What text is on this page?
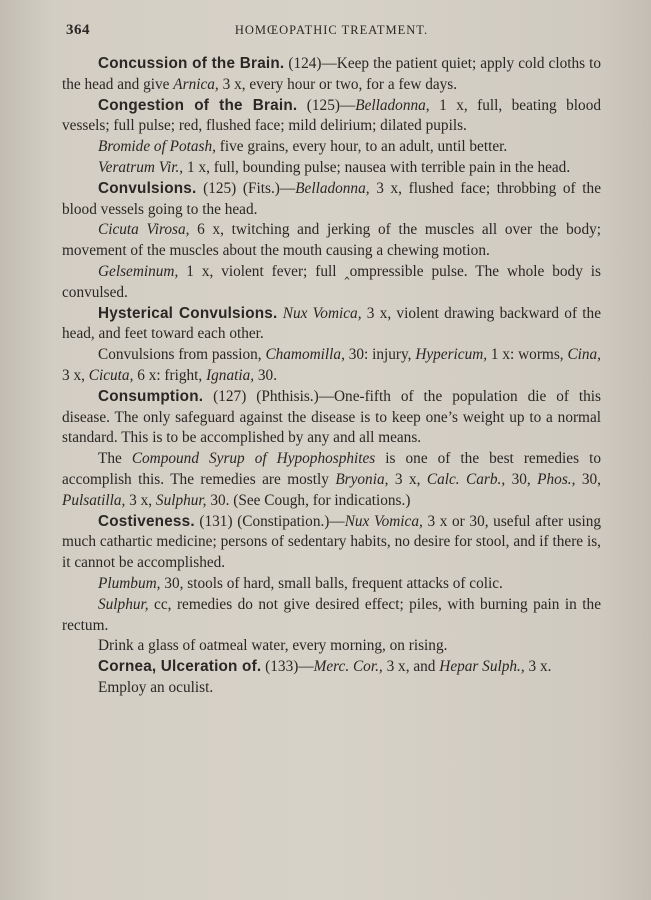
364	HOMŒOPATHIC TREATMENT.

Concussion of the Brain. (124)—Keep the patient quiet; apply cold cloths to the head and give Arnica, 3 x, every hour or two, for a few days.

Congestion of the Brain. (125)—Belladonna, 1 x, full, beating blood vessels; full pulse; red, flushed face; mild delirium; dilated pupils.

Bromide of Potash, five grains, every hour, to an adult, until better.

Veratrum Vir., 1 x, full, bounding pulse; nausea with terrible pain in the head.

Convulsions. (125) (Fits.)—Belladonna, 3 x, flushed face; throbbing of the blood vessels going to the head.

Cicuta Virosa, 6 x, twitching and jerking of the muscles all over the body; movement of the muscles about the mouth causing a chewing motion.

Gelseminum, 1 x, violent fever; full ‸ompressible pulse. The whole body is convulsed.

Hysterical Convulsions. Nux Vomica, 3 x, violent drawing backward of the head, and feet toward each other.

Convulsions from passion, Chamomilla, 30: injury, Hypericum, 1 x: worms, Cina, 3 x, Cicuta, 6 x: fright, Ignatia, 30.

Consumption. (127) (Phthisis.)—One-fifth of the population die of this disease. The only safeguard against the disease is to keep one’s weight up to a normal standard. This is to be accomplished by any and all means.

The Compound Syrup of Hypophosphites is one of the best remedies to accomplish this. The remedies are mostly Bryonia, 3 x, Calc. Carb., 30, Phos., 30, Pulsatilla, 3 x, Sulphur, 30. (See Cough, for indications.)

Costiveness. (131) (Constipation.)—Nux Vomica, 3 x or 30, useful after using much cathartic medicine; persons of sedentary habits, no desire for stool, and if there is, it cannot be accomplished.

Plumbum, 30, stools of hard, small balls, frequent attacks of colic.

Sulphur, cc, remedies do not give desired effect; piles, with burning pain in the rectum.

Drink a glass of oatmeal water, every morning, on rising.

Cornea, Ulceration of. (133)—Merc. Cor., 3 x, and Hepar Sulph., 3 x.

Employ an oculist.
